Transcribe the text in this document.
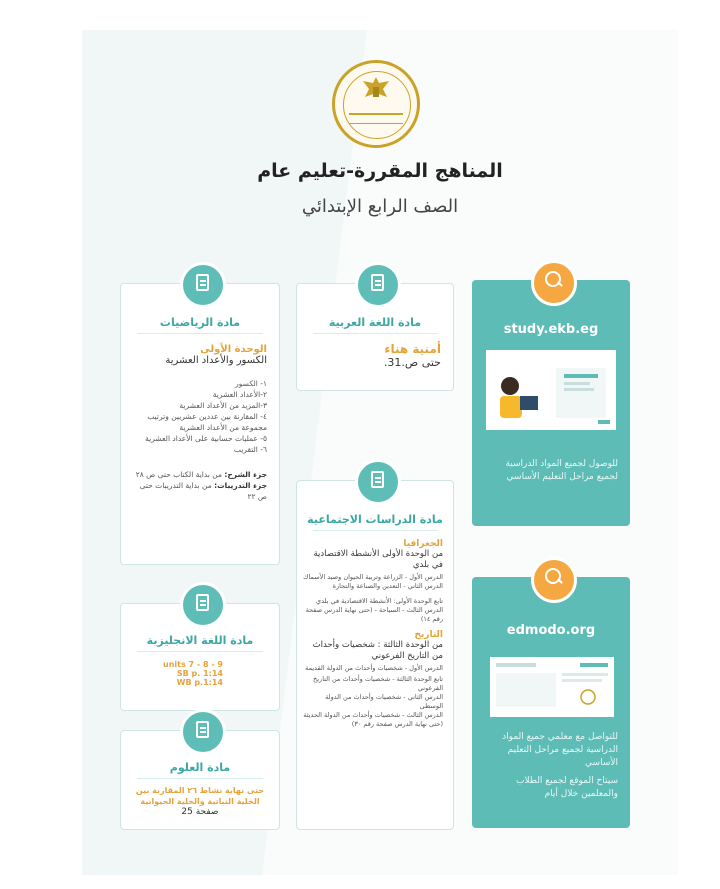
المناهج المقررة-تعليم عام
الصف الرابع الإبتدائي
مادة الرياضيات
الوحدة الأولى
الكسور والأعداد العشرية
١- الكسور
٢-الأعداد العشرية
٣-المزيد من الأعداد العشرية
٤- المقارنة بين عددين عشريين وترتيب مجموعة من الأعداد العشرية
٥- عمليات حسابية على الأعداد العشرية
٦- التقريب
جزء الشرح: من بداية الكتاب حتى ص ٢٨
جزء التدريبات: من بداية التدريبات حتى ص ٢٢
مادة اللغة العربية
أمنية هناء
حتى ص.31.
مادة الدراسات الاجتماعية
الجغرافيا
من الوحدة الأولى الأنشطة الاقتصادية في بلدي
الدرس الأول - الزراعة وتربية الحيوان وصيد الأسماك
الدرس الثاني - التعدين والصناعة والتجارة
تابع الوحدة الأولى: الأنشطة الاقتصادية في بلدي
الدرس الثالث - السياحة - (حتى نهاية الدرس صفحة رقم ١٤)
التاريخ
من الوحدة الثالثة : شخصيات وأحداث من التاريخ الفرعوني
الدرس الأول - شخصيات وأحداث من الدولة القديمة
تابع الوحدة الثالثة - شخصيات وأحداث من التاريخ الفرعوني
الدرس الثاني - شخصيات وأحداث من الدولة الوسطى
الدرس الثالث - شخصيات وأحداث من الدولة الحديثة
(حتى نهاية الدرس صفحة رقم ٣٠)
مادة اللغة الانجليزية
units 7 - 8 - 9
SB p. 1:14
WB p.1:14
مادة العلوم
حتى نهاية نشاط ٢٦ المقارنة بين الخلية النباتية والخلية الحيوانية
صفحة 25
study.ekb.eg
للوصول لجميع المواد الدراسية لجميع مراحل التعليم الأساسي
edmodo.org
للتواصل مع معلمي جميع المواد الدراسية لجميع مراحل التعليم الأساسي
سيتاح الموقع لجميع الطلاب والمعلمين خلال أيام
